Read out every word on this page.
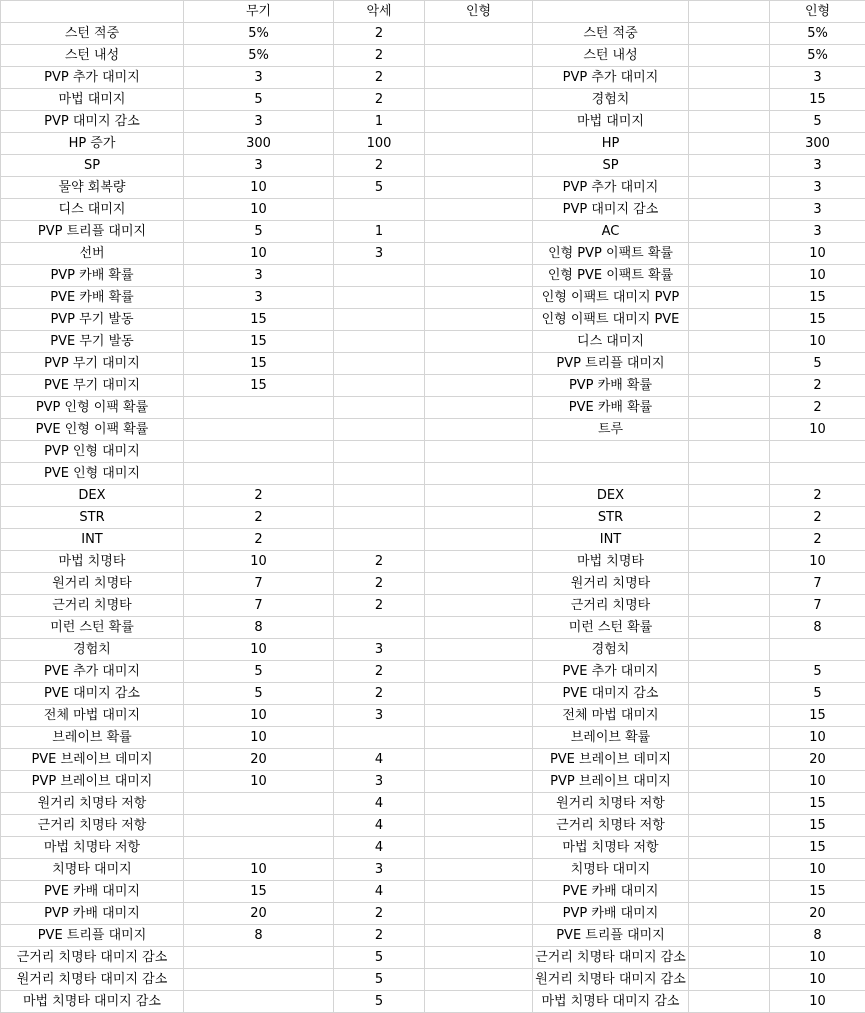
	무기	악세	인형			인형
스턴 적중	5%	2		스턴 적중		5%
스턴 내성	5%	2		스턴 내성		5%
PVP 추가 대미지	3	2		PVP 추가 대미지		3
마법 대미지	5	2		경험치		15
PVP 대미지 감소	3	1		마법 대미지		5
HP 증가	300	100		HP		300
SP	3	2		SP		3
물약 회복량	10	5		PVP 추가 대미지		3
디스 대미지	10			PVP 대미지 감소		3
PVP 트리플 대미지	5	1		AC		3
선버	10	3		인형 PVP 이팩트 확률		10
PVP 카배 확률	3			인형 PVE 이팩트 확률		10
PVE 카배 확률	3			인형 이팩트 대미지 PVP		15
PVP 무기 발동	15			인형 이팩트 대미지 PVE		15
PVE 무기 발동	15			디스 대미지		10
PVP 무기 대미지	15			PVP 트리플 대미지		5
PVE 무기 대미지	15			PVP 카배 확률		2
PVP 인형 이팩 확률				PVE 카배 확률		2
PVE 인형 이팩 확률				트루		10
PVP 인형 대미지						
PVE 인형 대미지						
DEX	2			DEX		2
STR	2			STR		2
INT	2			INT		2
마법 치명타	10	2		마법 치명타		10
원거리 치명타	7	2		원거리 치명타		7
근거리 치명타	7	2		근거리 치명타		7
미런 스턴 확률	8			미런 스턴 확률		8
경험치	10	3		경험치		
PVE 추가 대미지	5	2		PVE 추가 대미지		5
PVE 대미지 감소	5	2		PVE 대미지 감소		5
전체 마법 대미지	10	3		전체 마법 대미지		15
브레이브 확률	10			브레이브 확률		10
PVE 브레이브 데미지	20	4		PVE 브레이브 데미지		20
PVP 브레이브 대미지	10	3		PVP 브레이브 대미지		10
원거리 치명타 저항		4		원거리 치명타 저항		15
근거리 치명타 저항		4		근거리 치명타 저항		15
마법 치명타 저항		4		마법 치명타 저항		15
치명타 대미지	10	3		치명타 대미지		10
PVE 카배 대미지	15	4		PVE 카배 대미지		15
PVP 카배 대미지	20	2		PVP 카배 대미지		20
PVE 트리플 대미지	8	2		PVE 트리플 대미지		8
근거리 치명타 대미지 감소		5		근거리 치명타 대미지 감소		10
원거리 치명타 대미지 감소		5		원거리 치명타 대미지 감소		10
마법 치명타 대미지 감소		5		마법 치명타 대미지 감소		10
